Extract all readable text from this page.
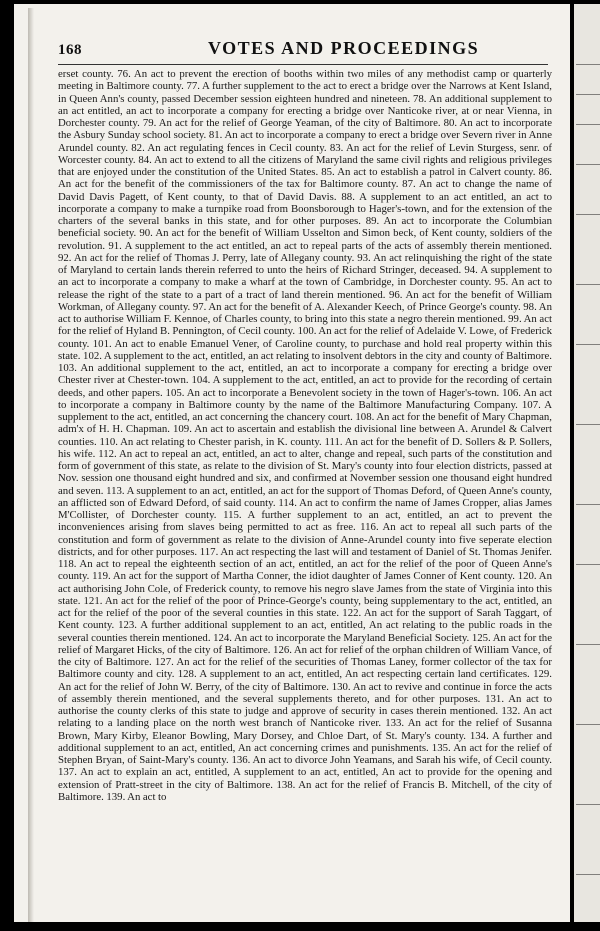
168	VOTES AND PROCEEDINGS
erset county. 76. An act to prevent the erection of booths within two miles of any methodist camp or quarterly meeting in Baltimore county. 77. A further supplement to the act to erect a bridge over the Narrows at Kent Island, in Queen Ann's county, passed December session eighteen hundred and nineteen. 78. An additional supplement to an act entitled, an act to incorporate a company for erecting a bridge over Nanticoke river, at or near Vienna, in Dorchester county. 79. An act for the relief of George Yeaman, of the city of Baltimore. 80. An act to incorporate the Asbury Sunday school society. 81. An act to incorporate a company to erect a bridge over Severn river in Anne Arundel county. 82. An act regulating fences in Cecil county. 83. An act for the relief of Levin Sturgess, senr. of Worcester county. 84. An act to extend to all the citizens of Maryland the same civil rights and religious privileges that are enjoyed under the constitution of the United States. 85. An act to establish a patrol in Calvert county. 86. An act for the benefit of the commissioners of the tax for Baltimore county. 87. An act to change the name of David Davis Pagett, of Kent county, to that of David Davis. 88. A supplement to an act entitled, an act to incorporate a company to make a turnpike road from Boonsborough to Hager's-town, and for the extension of the charters of the several banks in this state, and for other purposes. 89. An act to incorporate the Columbian beneficial society. 90. An act for the benefit of William Usselton and Simon beck, of Kent county, soldiers of the revolution. 91. A supplement to the act entitled, an act to repeal parts of the acts of assembly therein mentioned. 92. An act for the relief of Thomas J. Perry, late of Allegany county. 93. An act relinquishing the right of the state of Maryland to certain lands therein referred to unto the heirs of Richard Stringer, deceased. 94. A supplement to an act to incorporate a company to make a wharf at the town of Cambridge, in Dorchester county. 95. An act to release the right of the state to a part of a tract of land therein mentioned. 96. An act for the benefit of William Workman, of Allegany county. 97. An act for the benefit of A. Alexander Keech, of Prince George's county. 98. An act to authorise William F. Kennoe, of Charles county, to bring into this state a negro therein mentioned. 99. An act for the relief of Hyland B. Pennington, of Cecil county. 100. An act for the relief of Adelaide V. Lowe, of Frederick county. 101. An act to enable Emanuel Vener, of Caroline county, to purchase and hold real property within this state. 102. A supplement to the act, entitled, an act relating to insolvent debtors in the city and county of Baltimore. 103. An additional supplement to the act, entitled, an act to incorporate a company for erecting a bridge over Chester river at Chester-town. 104. A supplement to the act, entitled, an act to provide for the recording of certain deeds, and other papers. 105. An act to incorporate a Benevolent society in the town of Hager's-town. 106. An act to incorporate a company in Baltimore county by the name of the Baltimore Manufacturing Company. 107. A supplement to the act, entitled, an act concerning the chancery court. 108. An act for the benefit of Mary Chapman, adm'x of H. H. Chapman. 109. An act to ascertain and establish the divisional line between A. Arundel & Calvert counties. 110. An act relating to Chester parish, in K. county. 111. An act for the benefit of D. Sollers & P. Sollers, his wife. 112. An act to repeal an act, entitled, an act to alter, change and repeal, such parts of the constitution and form of government of this state, as relate to the division of St. Mary's county into four election districts, passed at Nov. session one thousand eight hundred and six, and confirmed at November session one thousand eight hundred and seven. 113. A supplement to an act, entitled, an act for the support of Thomas Deford, of Queen Anne's county, an afflicted son of Edward Deford, of said county. 114. An act to confirm the name of James Cropper, alias James M'Collister, of Dorchester county. 115. A further supplement to an act, entitled, an act to prevent the inconveniences arising from slaves being permitted to act as free. 116. An act to repeal all such parts of the constitution and form of government as relate to the division of Anne-Arundel county into five seperate election districts, and for other purposes. 117. An act respecting the last will and testament of Daniel of St. Thomas Jenifer. 118. An act to repeal the eighteenth section of an act, entitled, an act for the relief of the poor of Queen Anne's county. 119. An act for the support of Martha Conner, the idiot daughter of James Conner of Kent county. 120. An act authorising John Cole, of Frederick county, to remove his negro slave James from the state of Virginia into this state. 121. An act for the relief of the poor of Prince-George's county, being supplementary to the act, entitled, an act for the relief of the poor of the several counties in this state. 122. An act for the support of Sarah Taggart, of Kent county. 123. A further additional supplement to an act, entitled, An act relating to the public roads in the several counties therein mentioned. 124. An act to incorporate the Maryland Beneficial Society. 125. An act for the relief of Margaret Hicks, of the city of Baltimore. 126. An act for relief of the orphan children of William Vance, of the city of Baltimore. 127. An act for the relief of the securities of Thomas Laney, former collector of the tax for Baltimore county and city. 128. A supplement to an act, entitled, An act respecting certain land certificates. 129. An act for the relief of John W. Berry, of the city of Baltimore. 130. An act to revive and continue in force the acts of assembly therein mentioned, and the several supplements thereto, and for other purposes. 131. An act to authorise the county clerks of this state to judge and approve of security in cases therein mentioned. 132. An act relating to a landing place on the north west branch of Nanticoke river. 133. An act for the relief of Susanna Brown, Mary Kirby, Eleanor Bowling, Mary Dorsey, and Chloe Dart, of St. Mary's county. 134. A further and additional supplement to an act, entitled, An act concerning crimes and punishments. 135. An act for the relief of Stephen Bryan, of Saint-Mary's county. 136. An act to divorce John Yeamans, and Sarah his wife, of Cecil county. 137. An act to explain an act, entitled, A supplement to an act, entitled, An act to provide for the opening and extension of Pratt-street in the city of Baltimore. 138. An act for the relief of Francis B. Mitchell, of the city of Baltimore. 139. An act to
